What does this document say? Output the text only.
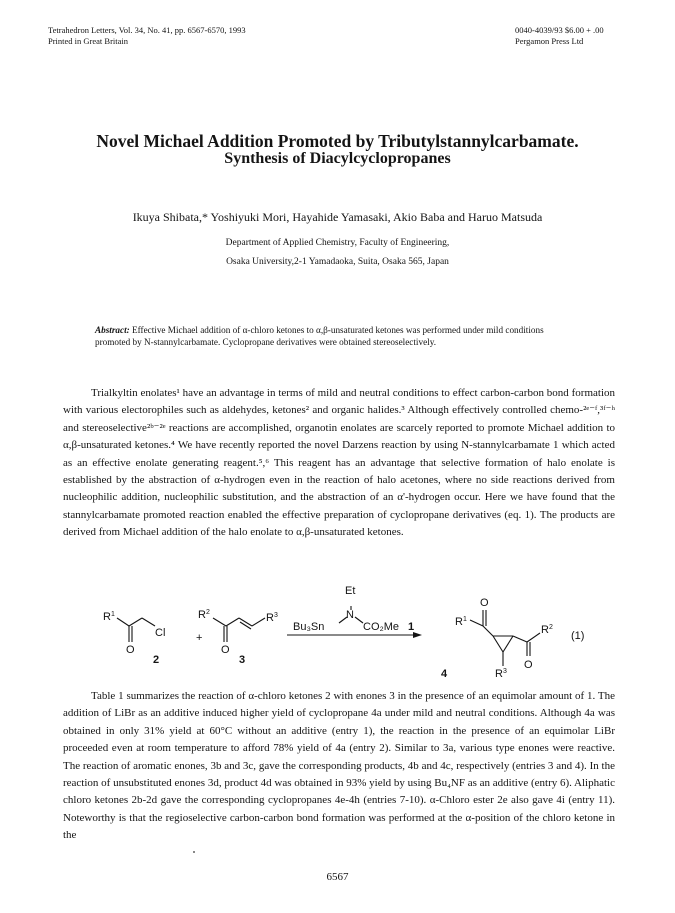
Tetrahedron Letters, Vol. 34, No. 41, pp. 6567-6570, 1993
Printed in Great Britain
0040-4039/93 $6.00 + .00
Pergamon Press Ltd
Novel Michael Addition Promoted by Tributylstannylcarbamate.
Synthesis of Diacylcyclopropanes
Ikuya Shibata,* Yoshiyuki Mori, Hayahide Yamasaki, Akio Baba and Haruo Matsuda
Department of Applied Chemistry, Faculty of Engineering,
Osaka University,2-1 Yamadaoka, Suita, Osaka 565, Japan
Abstract: Effective Michael addition of α-chloro ketones to α,β-unsaturated ketones was performed under mild conditions promoted by N-stannylcarbamate. Cyclopropane derivatives were obtained stereoselectively.

Trialkyltin enolates¹ have an advantage in terms of mild and neutral conditions to effect carbon-carbon bond formation with various electorophiles such as aldehydes, ketones² and organic halides.³ Although effectively controlled chemo-²ᵉ⁻ᶠ,³ᶠ⁻ʰ and stereoselective²ᵇ⁻²ᵉ reactions are accomplished, organotin enolates are scarcely reported to promote Michael addition to α,β-unsaturated ketones.⁴ We have recently reported the novel Darzens reaction by using N-stannylcarbamate 1 which acted as an effective enolate generating reagent.⁵,⁶ This reagent has an advantage that selective formation of halo enolate is established by the abstraction of α-hydrogen even in the reaction of halo acetones, where no side reactions derived from nucleophilic addition, nucleophilic substitution, and the abstraction of an α'-hydrogen occur. Here we have found that the stannylcarbamate promoted reaction enabled the effective preparation of cyclopropane derivatives (eq. 1). The products are derived from Michael addition of the halo enolate to α,β-unsaturated ketones.

$R^1$
Cl
O
2
+
$R^2$	$R^3$
O
3
Et
N
Bu₃Sn	CO₂Me 1	$R^1$
O
$R^2$
O
$R^3$
4
(1)

Table 1 summarizes the reaction of α-chloro ketones 2 with enones 3 in the presence of an equimolar amount of 1. The addition of LiBr as an additive induced higher yield of cyclopropane 4a under mild and neutral conditions. Although 4a was obtained in only 31% yield at 60°C without an additive (entry 1), the reaction in the presence of an equimolar LiBr proceeded even at room temperature to afford 78% yield of 4a (entry 2). Similar to 3a, various type enones were reactive. The reaction of aromatic enones, 3b and 3c, gave the corresponding products, 4b and 4c, respectively (entries 3 and 4). In the reaction of unsubstituted enones 3d, product 4d was obtained in 93% yield by using Bu₄NF as an additive (entry 6). Aliphatic chloro ketones 2b-2d gave the corresponding cyclopropanes 4e-4h (entries 7-10). α-Chloro ester 2e also gave 4i (entry 11). Noteworthy is that the regioselective carbon-carbon bond formation was performed at the α-position of the chloro ketone in the

6567
